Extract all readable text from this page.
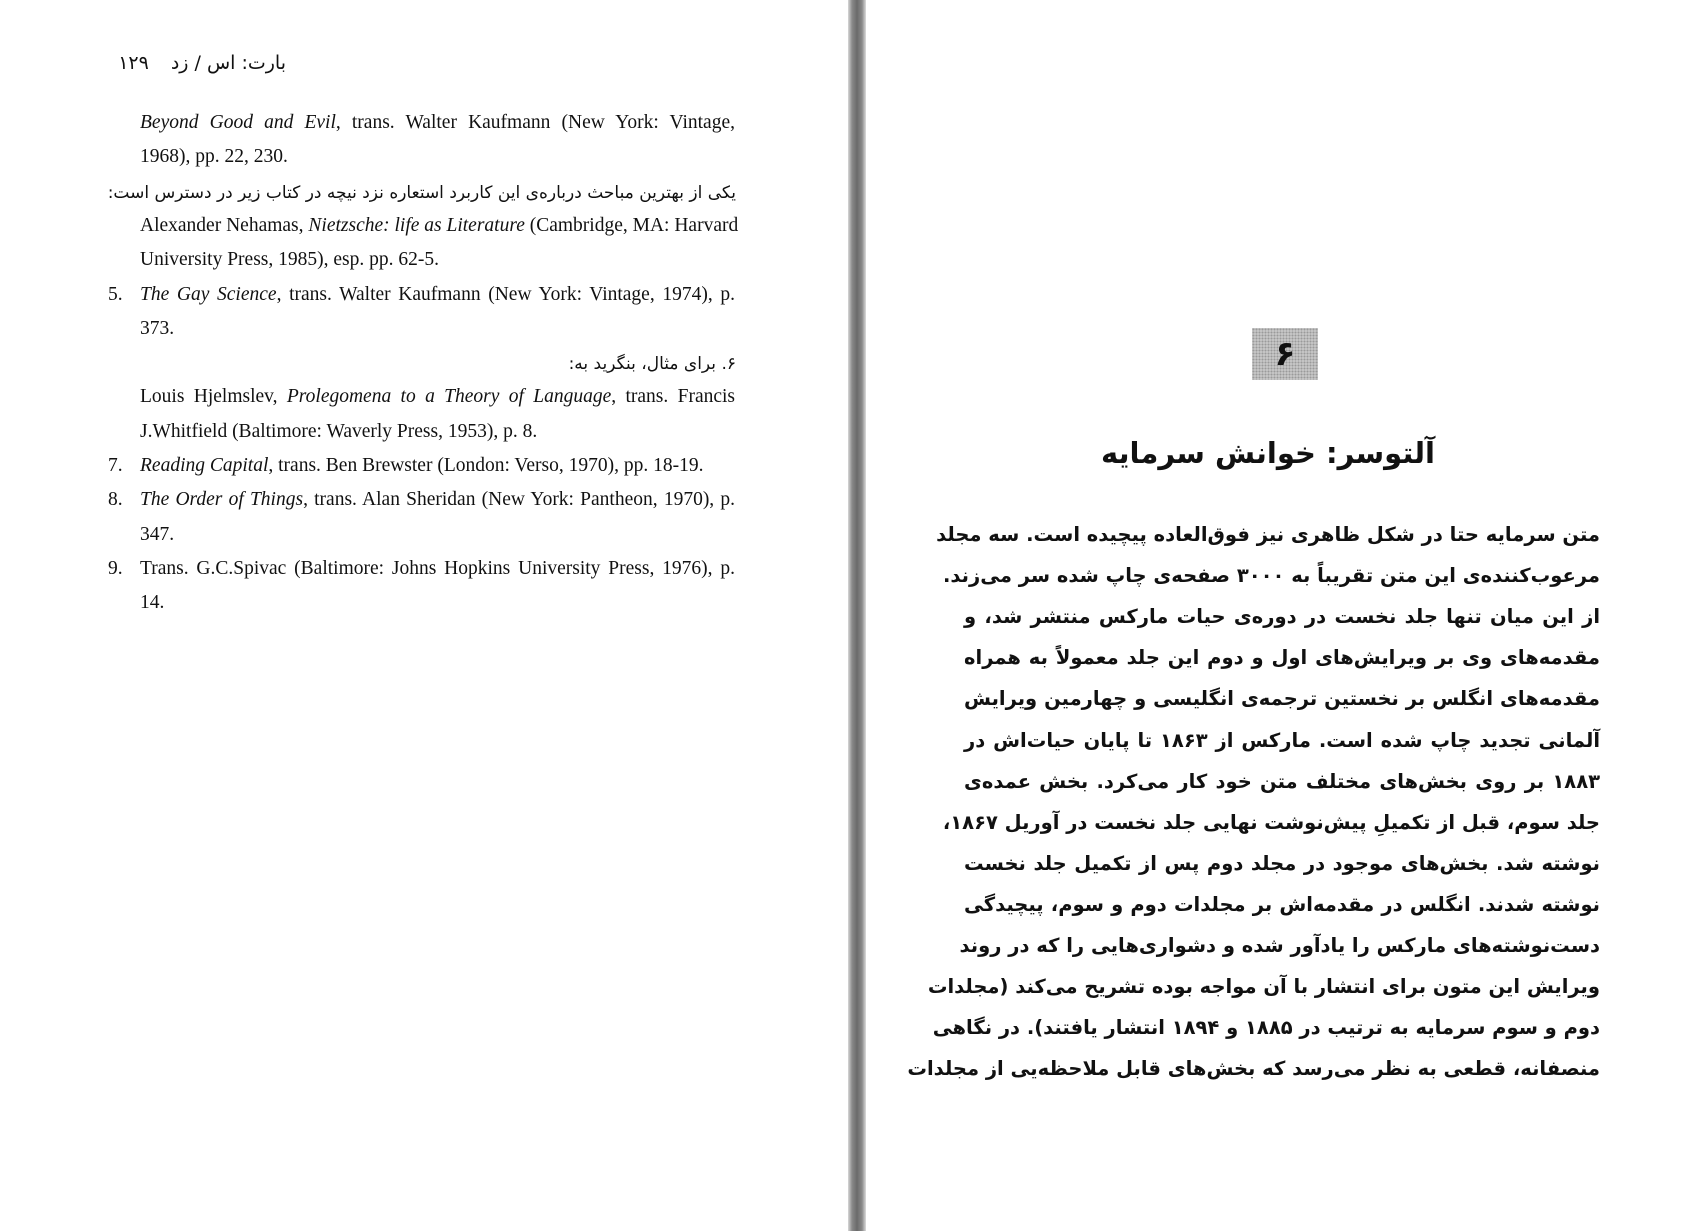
بارت: اس / زد۱۲۹
Beyond Good and Evil, trans. Walter Kaufmann (New York: Vintage,
1968), pp. 22, 230.
یکی از بهترین مباحث درباره‌ی این کاربرد استعاره نزد نیچه در کتاب زیر در دسترس است:
Alexander Nehamas, Nietzsche: life as Literature (Cambridge, MA: Harvard
University Press, 1985), esp. pp. 62-5.
5. The Gay Science, trans. Walter Kaufmann (New York: Vintage, 1974), p.
373.
۶. برای مثال، بنگرید به:
Louis Hjelmslev, Prolegomena to a Theory of Language, trans. Francis
J.Whitfield (Baltimore: Waverly Press, 1953), p. 8.
7. Reading Capital, trans. Ben Brewster (London: Verso, 1970), pp. 18-19.
8. The Order of Things, trans. Alan Sheridan (New York: Pantheon, 1970), p.
347.
9. Trans. G.C.Spivac (Baltimore: Johns Hopkins University Press, 1976), p.
14.
۶
آلتوسر: خوانش سرمایه
متن سرمایه حتا در شکل ظاهری نیز فوق‌العاده پیچیده است. سه مجلد
مرعوب‌کننده‌ی این متن تقریباً به ۳۰۰۰ صفحه‌ی چاپ شده سر می‌زند.
از این میان تنها جلد نخست در دوره‌ی حیات مارکس منتشر شد، و
مقدمه‌های وی بر ویرایش‌های اول و دوم این جلد معمولاً به همراه
مقدمه‌های انگلس بر نخستین ترجمه‌ی انگلیسی و چهارمین ویرایش
آلمانی تجدید چاپ شده است. مارکس از ۱۸۶۳ تا پایان حیات‌اش در
۱۸۸۳ بر روی بخش‌های مختلف متن خود کار می‌کرد. بخش عمده‌ی
جلد سوم، قبل از تکمیلِ پیش‌نوشت نهایی جلد نخست در آوریل ۱۸۶۷،
نوشته شد. بخش‌های موجود در مجلد دوم پس از تکمیل جلد نخست
نوشته شدند. انگلس در مقدمه‌اش بر مجلدات دوم و سوم، پیچیدگی
دست‌نوشته‌های مارکس را یادآور شده و دشواری‌هایی را که در روند
ویرایش این متون برای انتشار با آن مواجه بوده تشریح می‌کند (مجلدات
دوم و سوم سرمایه به ترتیب در ۱۸۸۵ و ۱۸۹۴ انتشار یافتند). در نگاهی
منصفانه، قطعی به نظر می‌رسد که بخش‌های قابل ملاحظه‌یی از مجلدات
